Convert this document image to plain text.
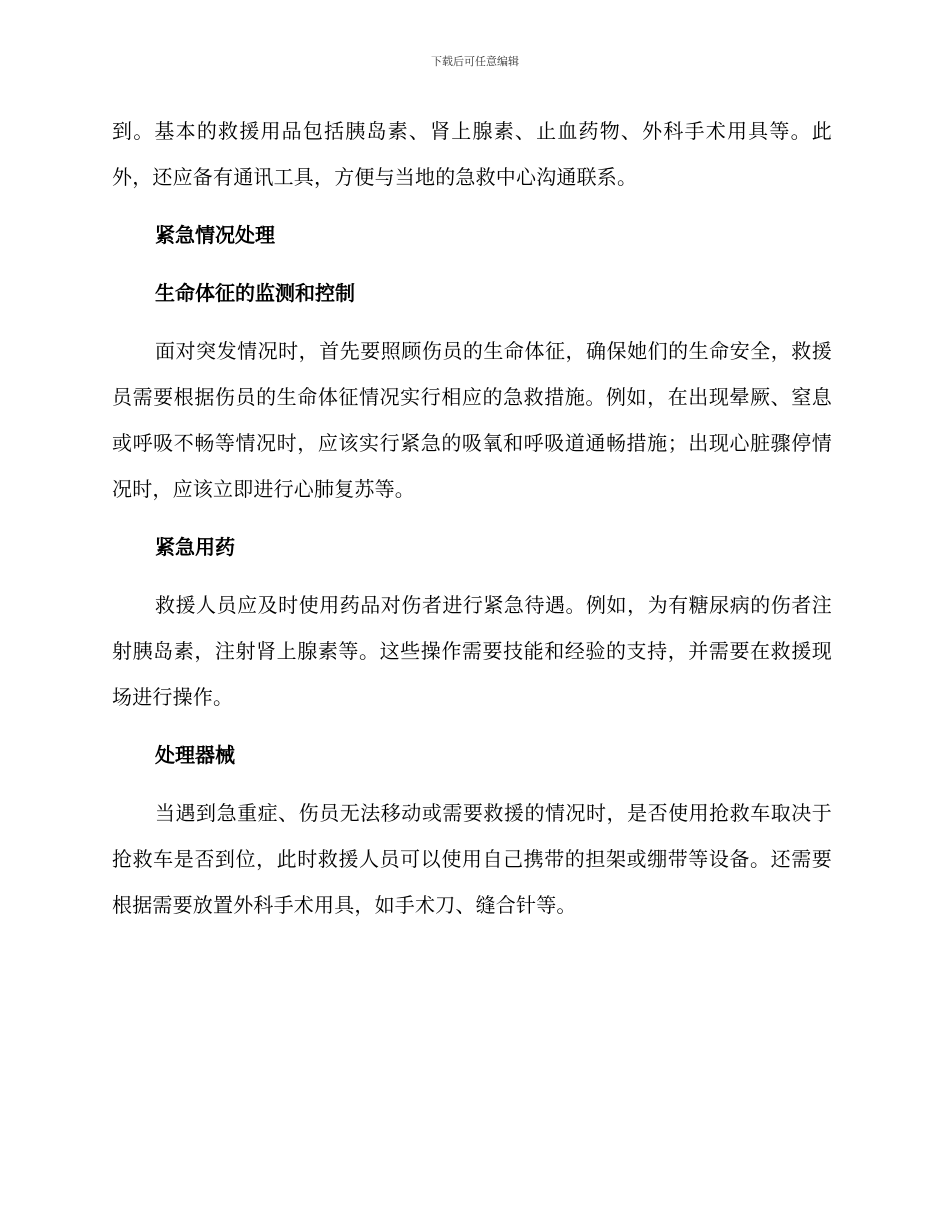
下载后可任意编辑

到。基本的救援用品包括胰岛素、肾上腺素、止血药物、外科手术用具等。此外，还应备有通讯工具，方便与当地的急救中心沟通联系。

紧急情况处理
生命体征的监测和控制

面对突发情况时，首先要照顾伤员的生命体征，确保她们的生命安全，救援员需要根据伤员的生命体征情况实行相应的急救措施。例如，在出现晕厥、窒息或呼吸不畅等情况时，应该实行紧急的吸氧和呼吸道通畅措施；出现心脏骤停情况时，应该立即进行心肺复苏等。

紧急用药

救援人员应及时使用药品对伤者进行紧急待遇。例如，为有糖尿病的伤者注射胰岛素，注射肾上腺素等。这些操作需要技能和经验的支持，并需要在救援现场进行操作。

处理器械

当遇到急重症、伤员无法移动或需要救援的情况时，是否使用抢救车取决于抢救车是否到位，此时救援人员可以使用自己携带的担架或绷带等设备。还需要根据需要放置外科手术用具，如手术刀、缝合针等。
